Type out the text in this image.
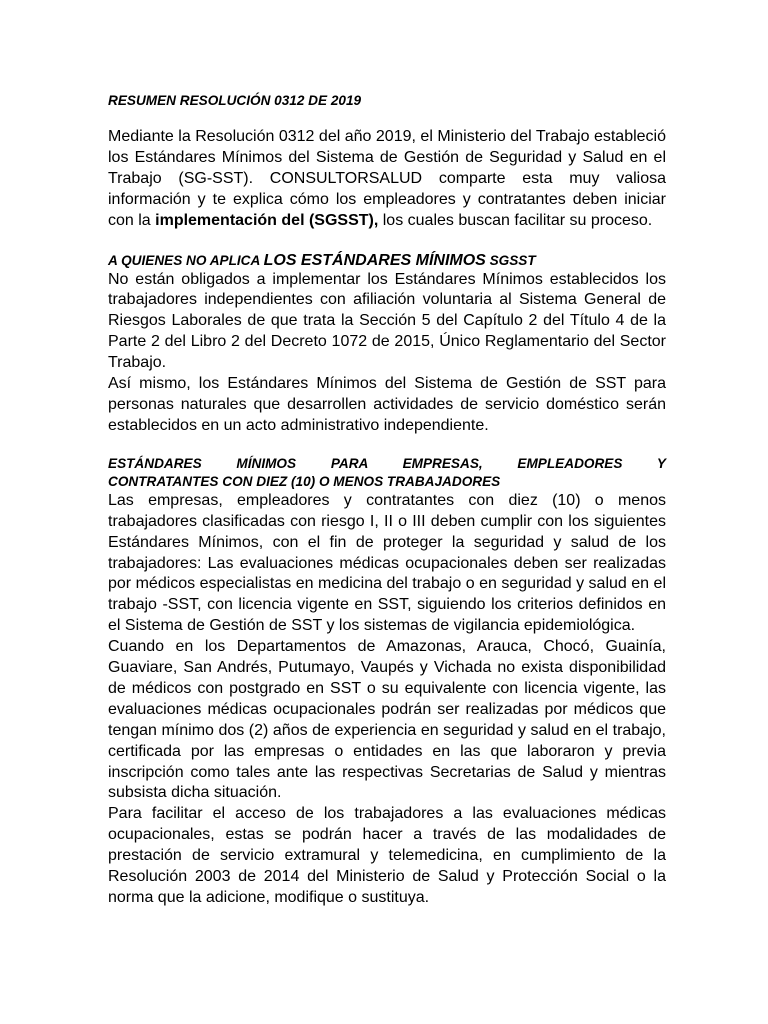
RESUMEN RESOLUCIÓN 0312 DE 2019

Mediante la Resolución 0312 del año 2019, el Ministerio del Trabajo estableció los Estándares Mínimos del Sistema de Gestión de Seguridad y Salud en el Trabajo (SG-SST). CONSULTORSALUD comparte esta muy valiosa información y te explica cómo los empleadores y contratantes deben iniciar con la implementación del (SGSST), los cuales buscan facilitar su proceso.

A QUIENES NO APLICA LOS ESTÁNDARES MÍNIMOS SGSST

No están obligados a implementar los Estándares Mínimos establecidos los trabajadores independientes con afiliación voluntaria al Sistema General de Riesgos Laborales de que trata la Sección 5 del Capítulo 2 del Título 4 de la Parte 2 del Libro 2 del Decreto 1072 de 2015, Único Reglamentario del Sector Trabajo.

Así mismo, los Estándares Mínimos del Sistema de Gestión de SST para personas naturales que desarrollen actividades de servicio doméstico serán establecidos en un acto administrativo independiente.

ESTÁNDARES MÍNIMOS PARA EMPRESAS, EMPLEADORES Y
CONTRATANTES CON DIEZ (10) O MENOS TRABAJADORES

Las empresas, empleadores y contratantes con diez (10) o menos trabajadores clasificadas con riesgo I, II o III deben cumplir con los siguientes Estándares Mínimos, con el fin de proteger la seguridad y salud de los trabajadores: Las evaluaciones médicas ocupacionales deben ser realizadas por médicos especialistas en medicina del trabajo o en seguridad y salud en el trabajo -SST, con licencia vigente en SST, siguiendo los criterios definidos en el Sistema de Gestión de SST y los sistemas de vigilancia epidemiológica.

Cuando en los Departamentos de Amazonas, Arauca, Chocó, Guainía, Guaviare, San Andrés, Putumayo, Vaupés y Vichada no exista disponibilidad de médicos con postgrado en SST o su equivalente con licencia vigente, las evaluaciones médicas ocupacionales podrán ser realizadas por médicos que tengan mínimo dos (2) años de experiencia en seguridad y salud en el trabajo, certificada por las empresas o entidades en las que laboraron y previa inscripción como tales ante las respectivas Secretarias de Salud y mientras subsista dicha situación.

Para facilitar el acceso de los trabajadores a las evaluaciones médicas ocupacionales, estas se podrán hacer a través de las modalidades de prestación de servicio extramural y telemedicina, en cumplimiento de la Resolución 2003 de 2014 del Ministerio de Salud y Protección Social o la norma que la adicione, modifique o sustituya.
